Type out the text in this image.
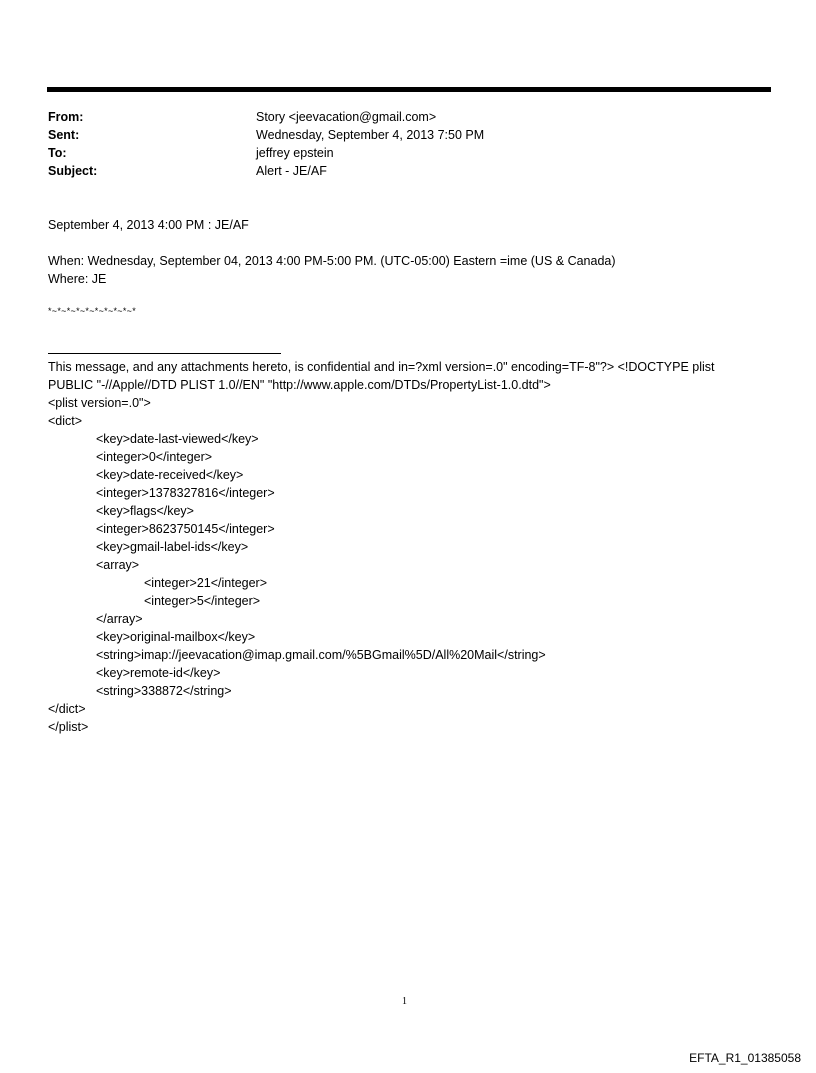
From:	Story <jeevacation@gmail.com>
Sent:	Wednesday, September 4, 2013 7:50 PM
To:	jeffrey epstein
Subject:	Alert - JE/AF
September 4, 2013 4:00 PM : JE/AF
When: Wednesday, September 04, 2013 4:00 PM-5:00 PM. (UTC-05:00) Eastern =ime (US & Canada)
Where: JE
*~*~*~*~*~*~*~*~*~*
This message, and any attachments hereto, is confidential and in=?xml version=.0" encoding=TF-8"?> <!DOCTYPE plist
PUBLIC "-//Apple//DTD PLIST 1.0//EN" "http://www.apple.com/DTDs/PropertyList-1.0.dtd">
<plist version=.0">
<dict>
<key>date-last-viewed</key>
<integer>0</integer>
<key>date-received</key>
<integer>1378327816</integer>
<key>flags</key>
<integer>8623750145</integer>
<key>gmail-label-ids</key>
<array>
<integer>21</integer>
<integer>5</integer>
</array>
<key>original-mailbox</key>
<string>imap://jeevacation@imap.gmail.com/%5BGmail%5D/All%20Mail</string>
<key>remote-id</key>
<string>338872</string>
</dict>
</plist>
1
EFTA_R1_01385058
